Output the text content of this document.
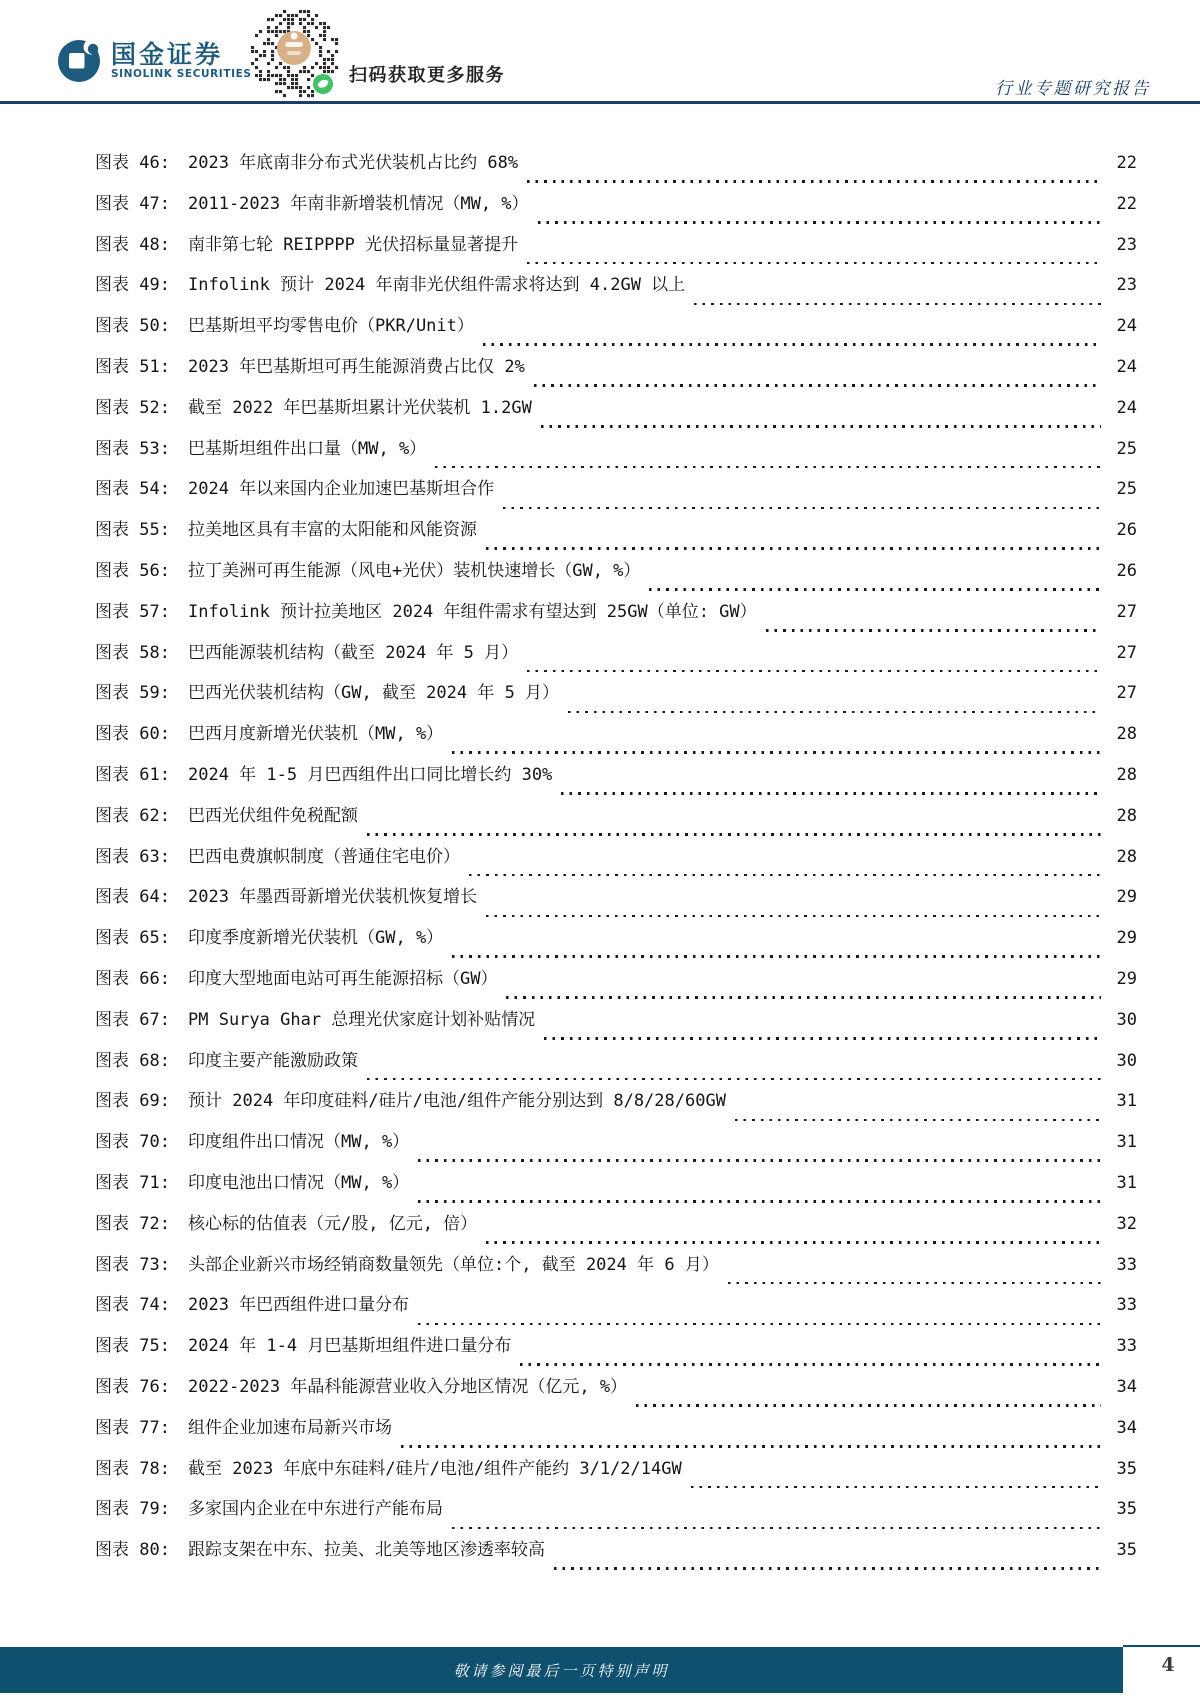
国金证券
SINOLINK SECURITIES	扫码获取更多服务
行业专题研究报告
图表 46:	2023 年底南非分布式光伏装机占比约 68%	22
图表 47:	2011-2023 年南非新增装机情况（MW, %）	22
图表 48:	南非第七轮 REIPPPP 光伏招标量显著提升	23
图表 49:	Infolink 预计 2024 年南非光伏组件需求将达到 4.2GW 以上	23
图表 50:	巴基斯坦平均零售电价（PKR/Unit）	24
图表 51:	2023 年巴基斯坦可再生能源消费占比仅 2%	24
图表 52:	截至 2022 年巴基斯坦累计光伏装机 1.2GW	24
图表 53:	巴基斯坦组件出口量（MW, %）	25
图表 54:	2024 年以来国内企业加速巴基斯坦合作	25
图表 55:	拉美地区具有丰富的太阳能和风能资源	26
图表 56:	拉丁美洲可再生能源（风电+光伏）装机快速增长（GW, %）	26
图表 57:	Infolink 预计拉美地区 2024 年组件需求有望达到 25GW（单位: GW）	27
图表 58:	巴西能源装机结构（截至 2024 年 5 月）	27
图表 59:	巴西光伏装机结构（GW, 截至 2024 年 5 月）	27
图表 60:	巴西月度新增光伏装机（MW, %）	28
图表 61:	2024 年 1-5 月巴西组件出口同比增长约 30%	28
图表 62:	巴西光伏组件免税配额	28
图表 63:	巴西电费旗帜制度（普通住宅电价）	28
图表 64:	2023 年墨西哥新增光伏装机恢复增长	29
图表 65:	印度季度新增光伏装机（GW, %）	29
图表 66:	印度大型地面电站可再生能源招标（GW）	29
图表 67:	PM Surya Ghar 总理光伏家庭计划补贴情况	30
图表 68:	印度主要产能激励政策	30
图表 69:	预计 2024 年印度硅料/硅片/电池/组件产能分别达到 8/8/28/60GW	31
图表 70:	印度组件出口情况（MW, %）	31
图表 71:	印度电池出口情况（MW, %）	31
图表 72:	核心标的估值表（元/股, 亿元, 倍）	32
图表 73:	头部企业新兴市场经销商数量领先（单位:个, 截至 2024 年 6 月）	33
图表 74:	2023 年巴西组件进口量分布	33
图表 75:	2024 年 1-4 月巴基斯坦组件进口量分布	33
图表 76:	2022-2023 年晶科能源营业收入分地区情况（亿元, %）	34
图表 77:	组件企业加速布局新兴市场	34
图表 78:	截至 2023 年底中东硅料/硅片/电池/组件产能约 3/1/2/14GW	35
图表 79:	多家国内企业在中东进行产能布局	35
图表 80:	跟踪支架在中东、拉美、北美等地区渗透率较高	35
敬请参阅最后一页特别声明	4
